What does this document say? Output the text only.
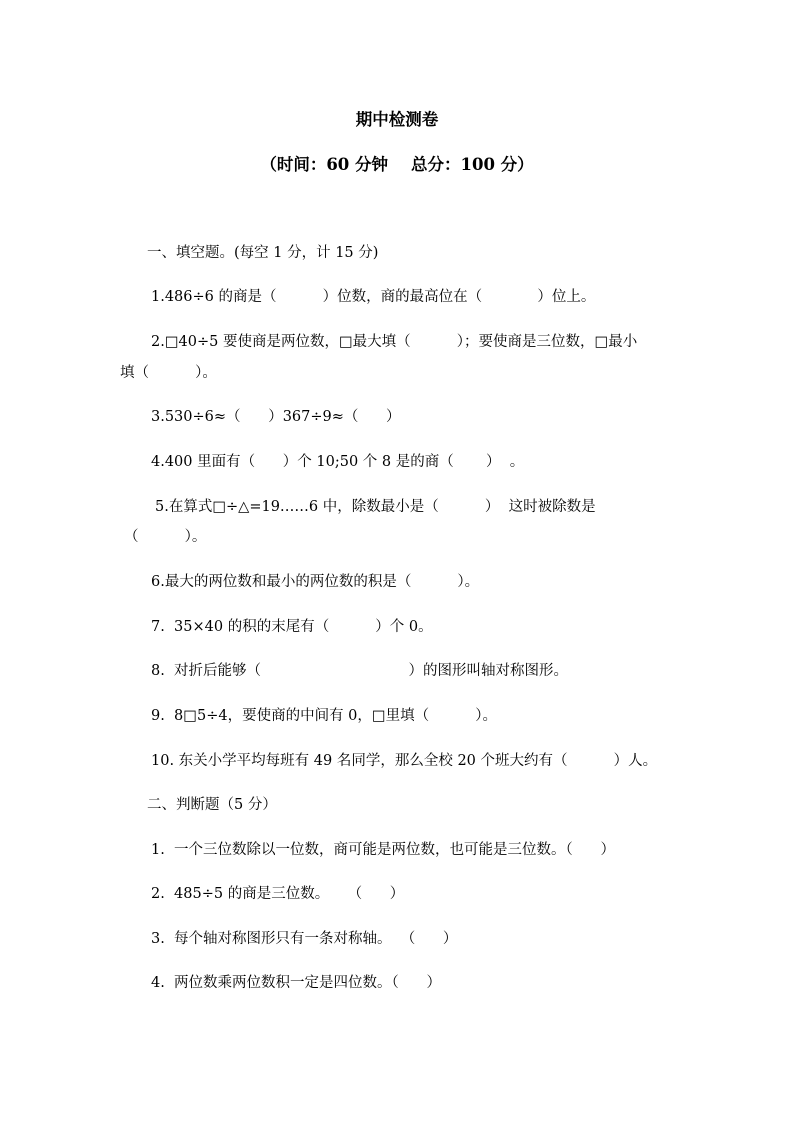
期中检测卷

（时间：60 分钟    总分：100 分）

一、填空题。(每空 1 分，计 15 分)

1.486÷6 的商是（          ）位数，商的最高位在（            ）位上。

2.□40÷5 要使商是两位数，□最大填（          ）；要使商是三位数，□最小

填（          ）。

3.530÷6≈（      ）367÷9≈（      ）

4.400 里面有（      ）个 10;50 个 8 是的商（       ）  。

5.在算式□÷△=19……6 中，除数最小是（          ）  这时被除数是

（          ）。

6.最大的两位数和最小的两位数的积是（          ）。

7.  35×40 的积的末尾有（          ）个 0。

8.  对折后能够（                                ）的图形叫轴对称图形。

9.  8□5÷4，要使商的中间有 0，□里填（          ）。

10. 东关小学平均每班有 49 名同学，那么全校 20 个班大约有（          ）人。

二、判断题（5 分）

1.  一个三位数除以一位数，商可能是两位数，也可能是三位数。（      ）

2.  485÷5 的商是三位数。    （      ）

3.  每个轴对称图形只有一条对称轴。  （      ）

4.  两位数乘两位数积一定是四位数。（      ）
